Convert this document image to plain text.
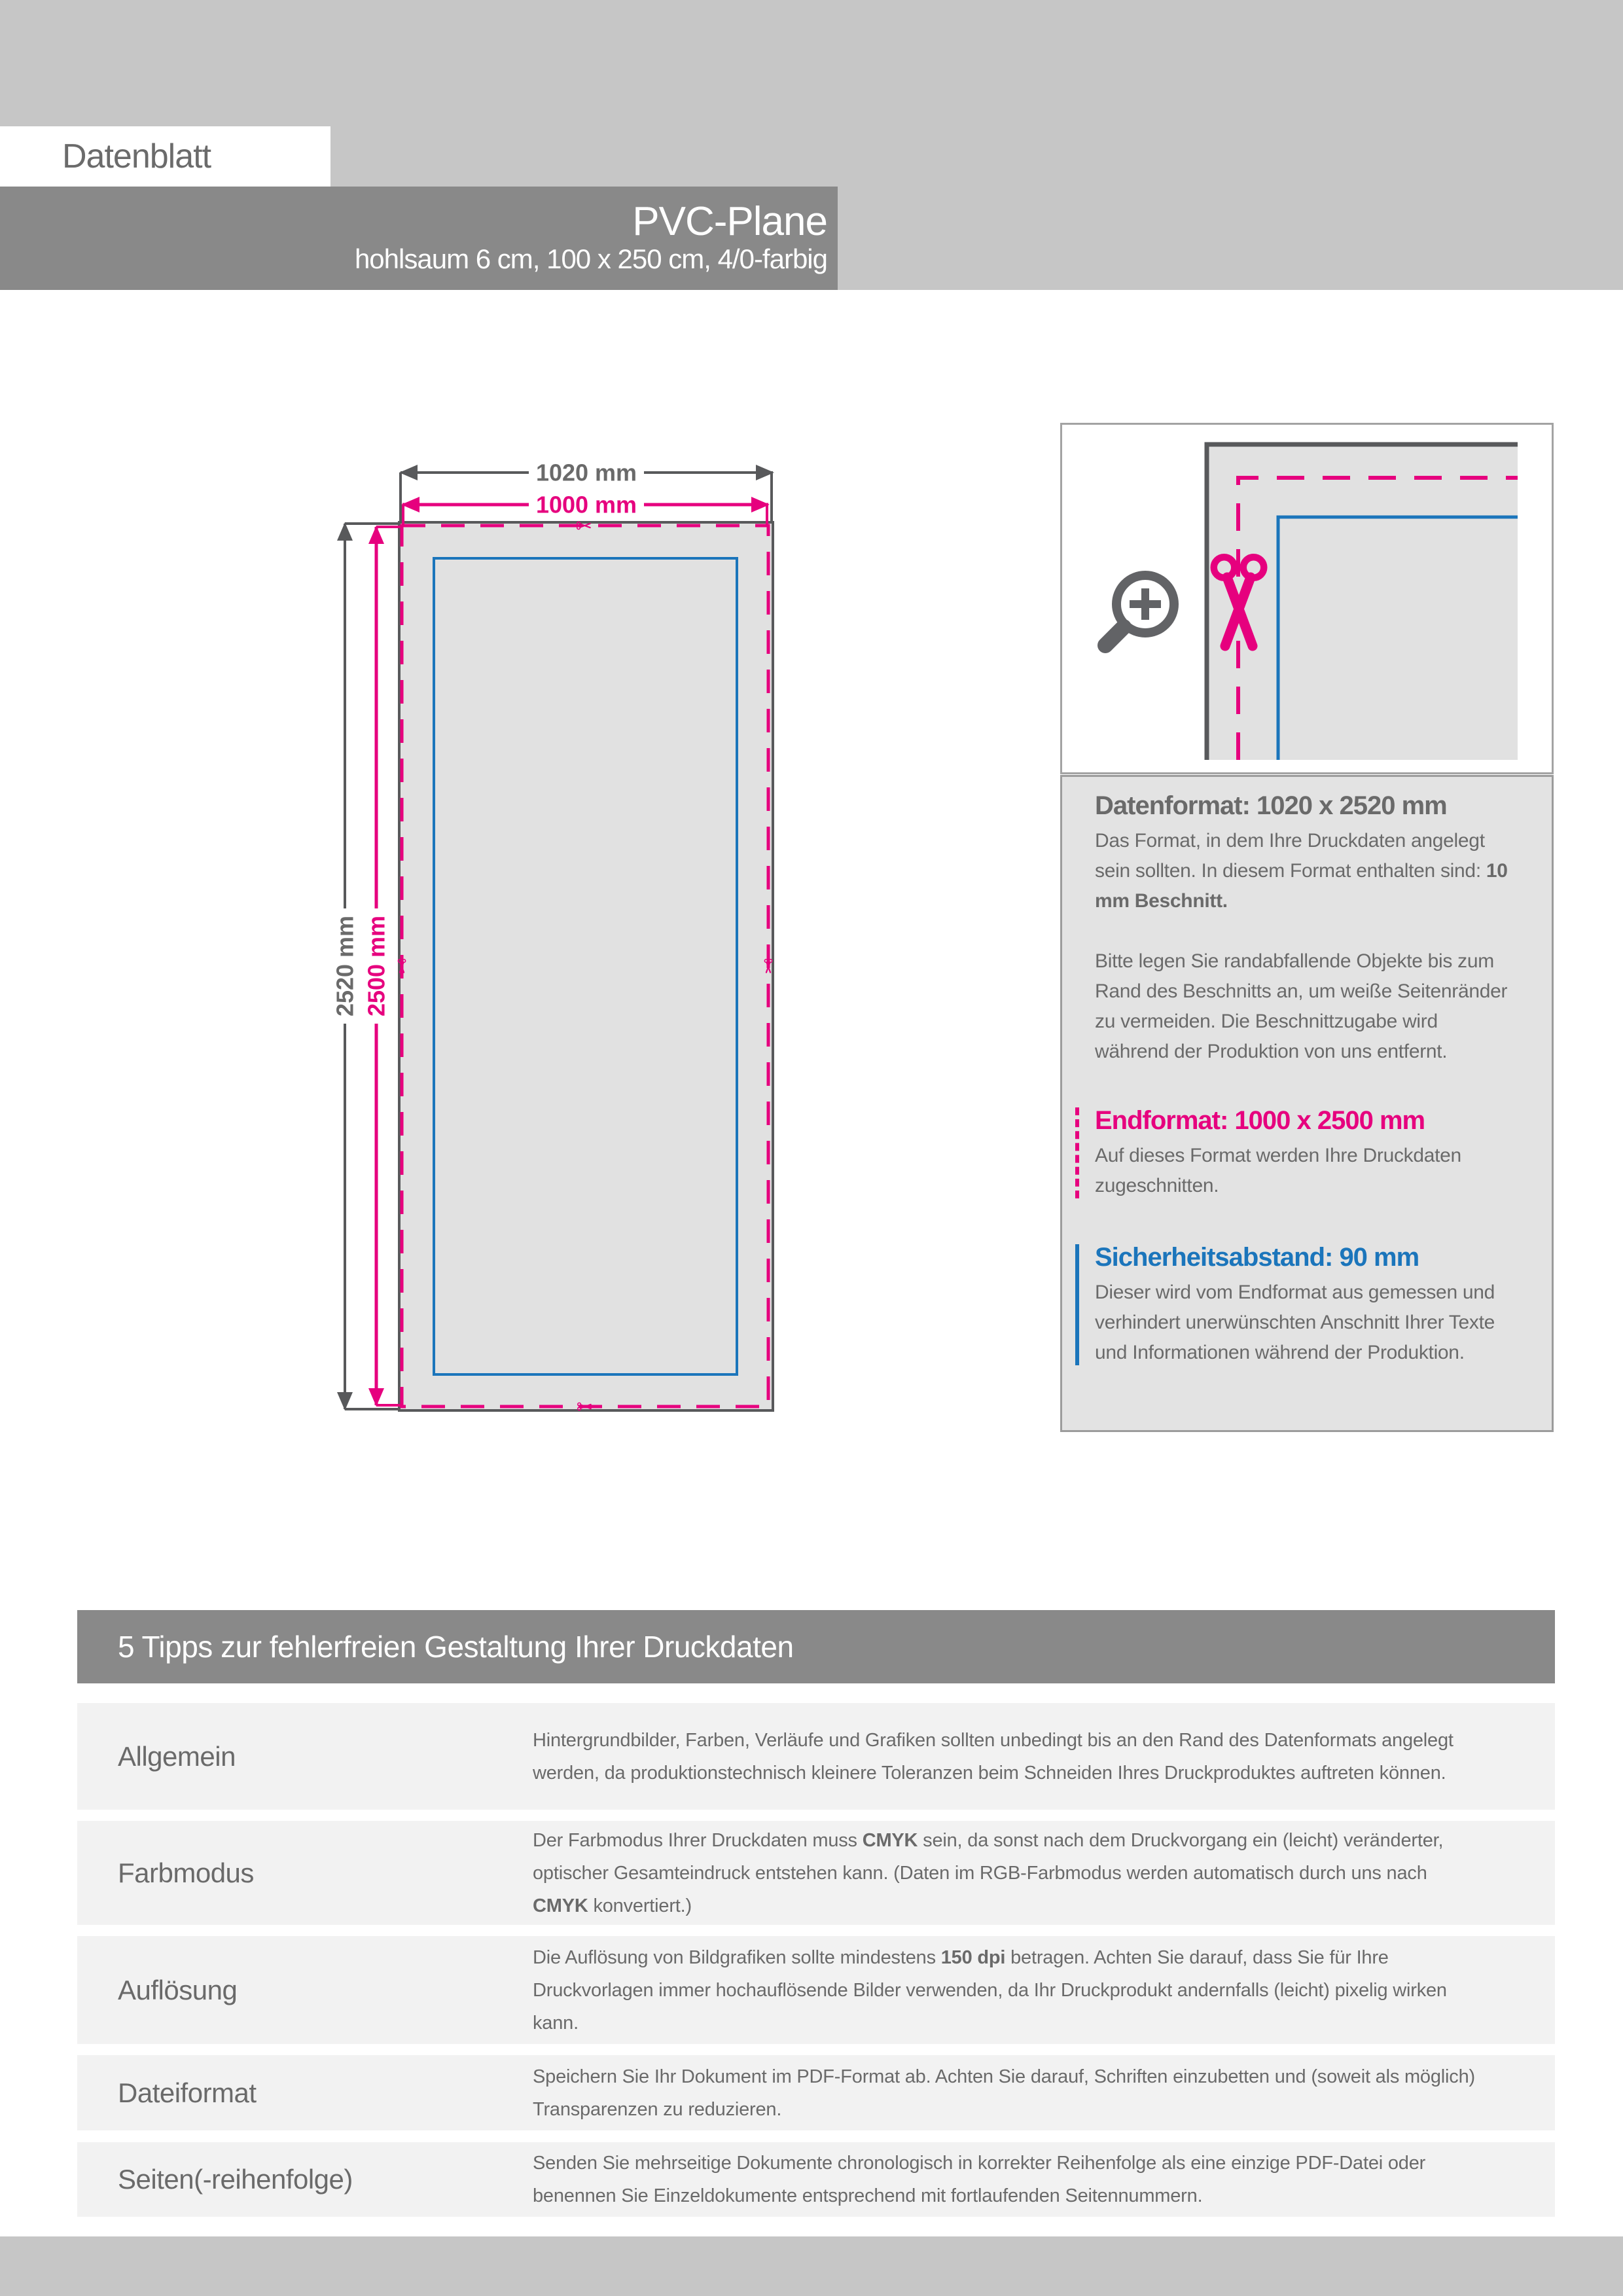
Datenblatt
PVC-Plane
hohlsaum 6 cm, 100 x 250 cm, 4/0-farbig
1020 mm
1000 mm
2520 mm 2500 mm
Datenformat: 1020 x 2520 mm

Das Format, in dem Ihre Druckdaten angelegt sein sollten. In diesem Format enthalten sind: 10 mm Beschnitt.

Bitte legen Sie randabfallende Objekte bis zum Rand des Beschnitts an, um weiße Seitenränder zu vermeiden. Die Beschnittzugabe wird während der Produktion von uns entfernt.

Endformat: 1000 x 2500 mm

Auf dieses Format werden Ihre Druckdaten zugeschnitten.

Sicherheitsabstand: 90 mm

Dieser wird vom Endformat aus gemessen und verhindert unerwünschten Anschnitt Ihrer Texte und Informationen während der Produktion.

5 Tipps zur fehlerfreien Gestaltung Ihrer Druckdaten
Allgemein
Hintergrundbilder, Farben, Verläufe und Grafiken sollten unbedingt bis an den Rand des Datenformats angelegt werden, da produktionstechnisch kleinere Toleranzen beim Schneiden Ihres Druckproduktes auftreten können.
Farbmodus
Der Farbmodus Ihrer Druckdaten muss CMYK sein, da sonst nach dem Druckvorgang ein (leicht) veränderter, optischer Gesamteindruck entstehen kann. (Daten im RGB-Farbmodus werden automatisch durch uns nach CMYK konvertiert.)
Auflösung
Die Auflösung von Bildgrafiken sollte mindestens 150 dpi betragen. Achten Sie darauf, dass Sie für Ihre Druckvorlagen immer hochauflösende Bilder verwenden, da Ihr Druckprodukt andernfalls (leicht) pixelig wirken kann.
Dateiformat
Speichern Sie Ihr Dokument im PDF-Format ab. Achten Sie darauf, Schriften einzubetten und (soweit als möglich) Transparenzen zu reduzieren.
Seiten(-reihenfolge)
Senden Sie mehrseitige Dokumente chronologisch in korrekter Reihenfolge als eine einzige PDF-Datei oder benennen Sie Einzeldokumente entsprechend mit fortlaufenden Seitennummern.
